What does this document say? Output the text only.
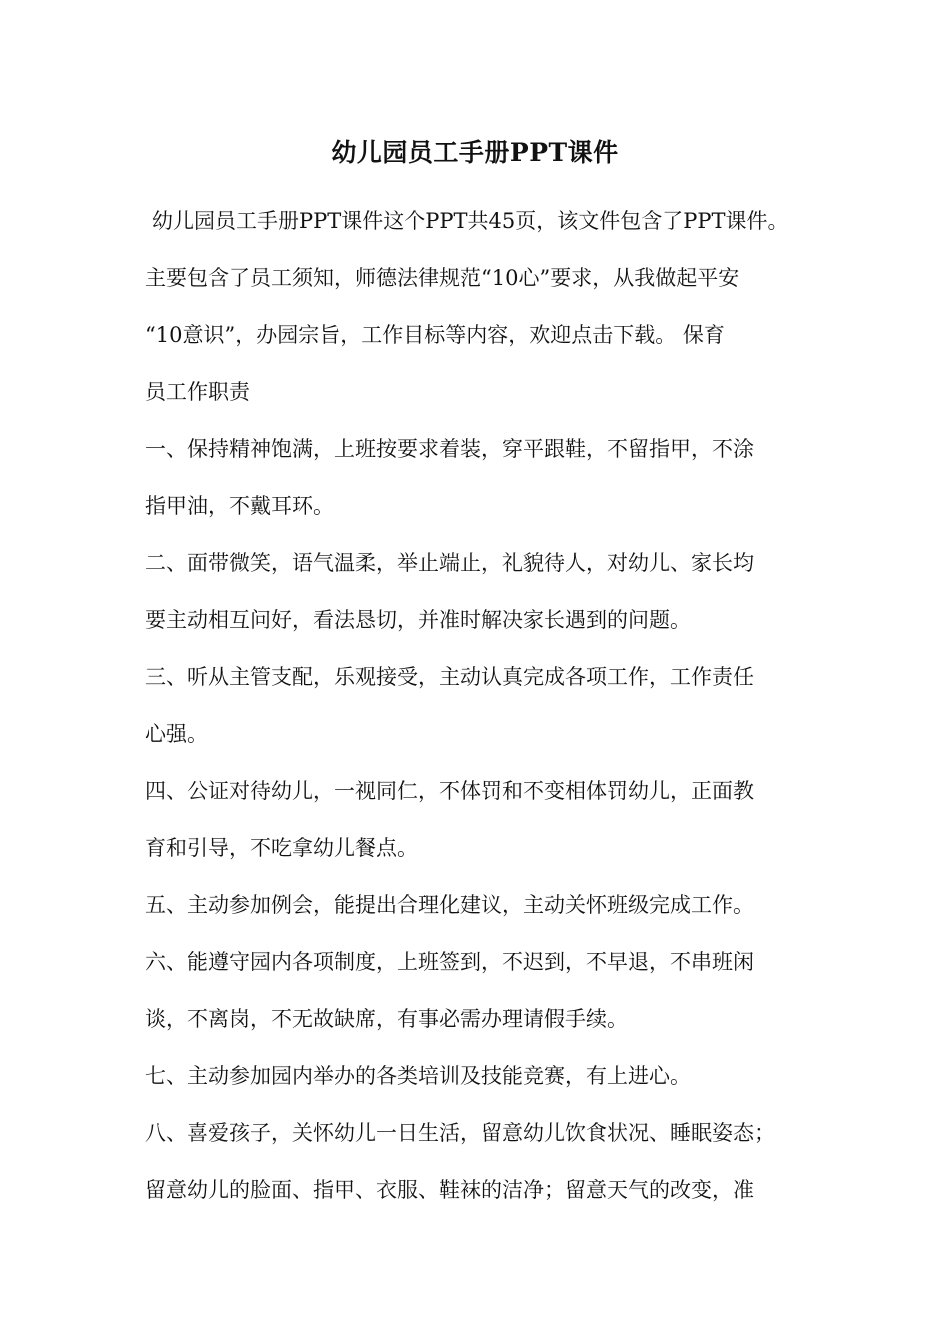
幼儿园员工手册PPT课件
幼儿园员工手册PPT课件这个PPT共45页，该文件包含了PPT课件。
主要包含了员工须知，师德法律规范“10心”要求，从我做起平安
“10意识”，办园宗旨，工作目标等内容，欢迎点击下载。 保育
员工作职责
一、保持精神饱满，上班按要求着装，穿平跟鞋，不留指甲，不涂
指甲油，不戴耳环。
二、面带微笑，语气温柔，举止端止，礼貌待人，对幼儿、家长均
要主动相互问好，看法恳切，并准时解决家长遇到的问题。
三、听从主管支配，乐观接受，主动认真完成各项工作，工作责任
心强。
四、公证对待幼儿，一视同仁，不体罚和不变相体罚幼儿，正面教
育和引导，不吃拿幼儿餐点。
五、主动参加例会，能提出合理化建议，主动关怀班级完成工作。
六、能遵守园内各项制度，上班签到，不迟到，不早退，不串班闲
谈，不离岗，不无故缺席，有事必需办理请假手续。
七、主动参加园内举办的各类培训及技能竞赛，有上进心。
八、喜爱孩子，关怀幼儿一日生活，留意幼儿饮食状况、睡眠姿态；
留意幼儿的脸面、指甲、衣服、鞋袜的洁净；留意天气的改变，准
